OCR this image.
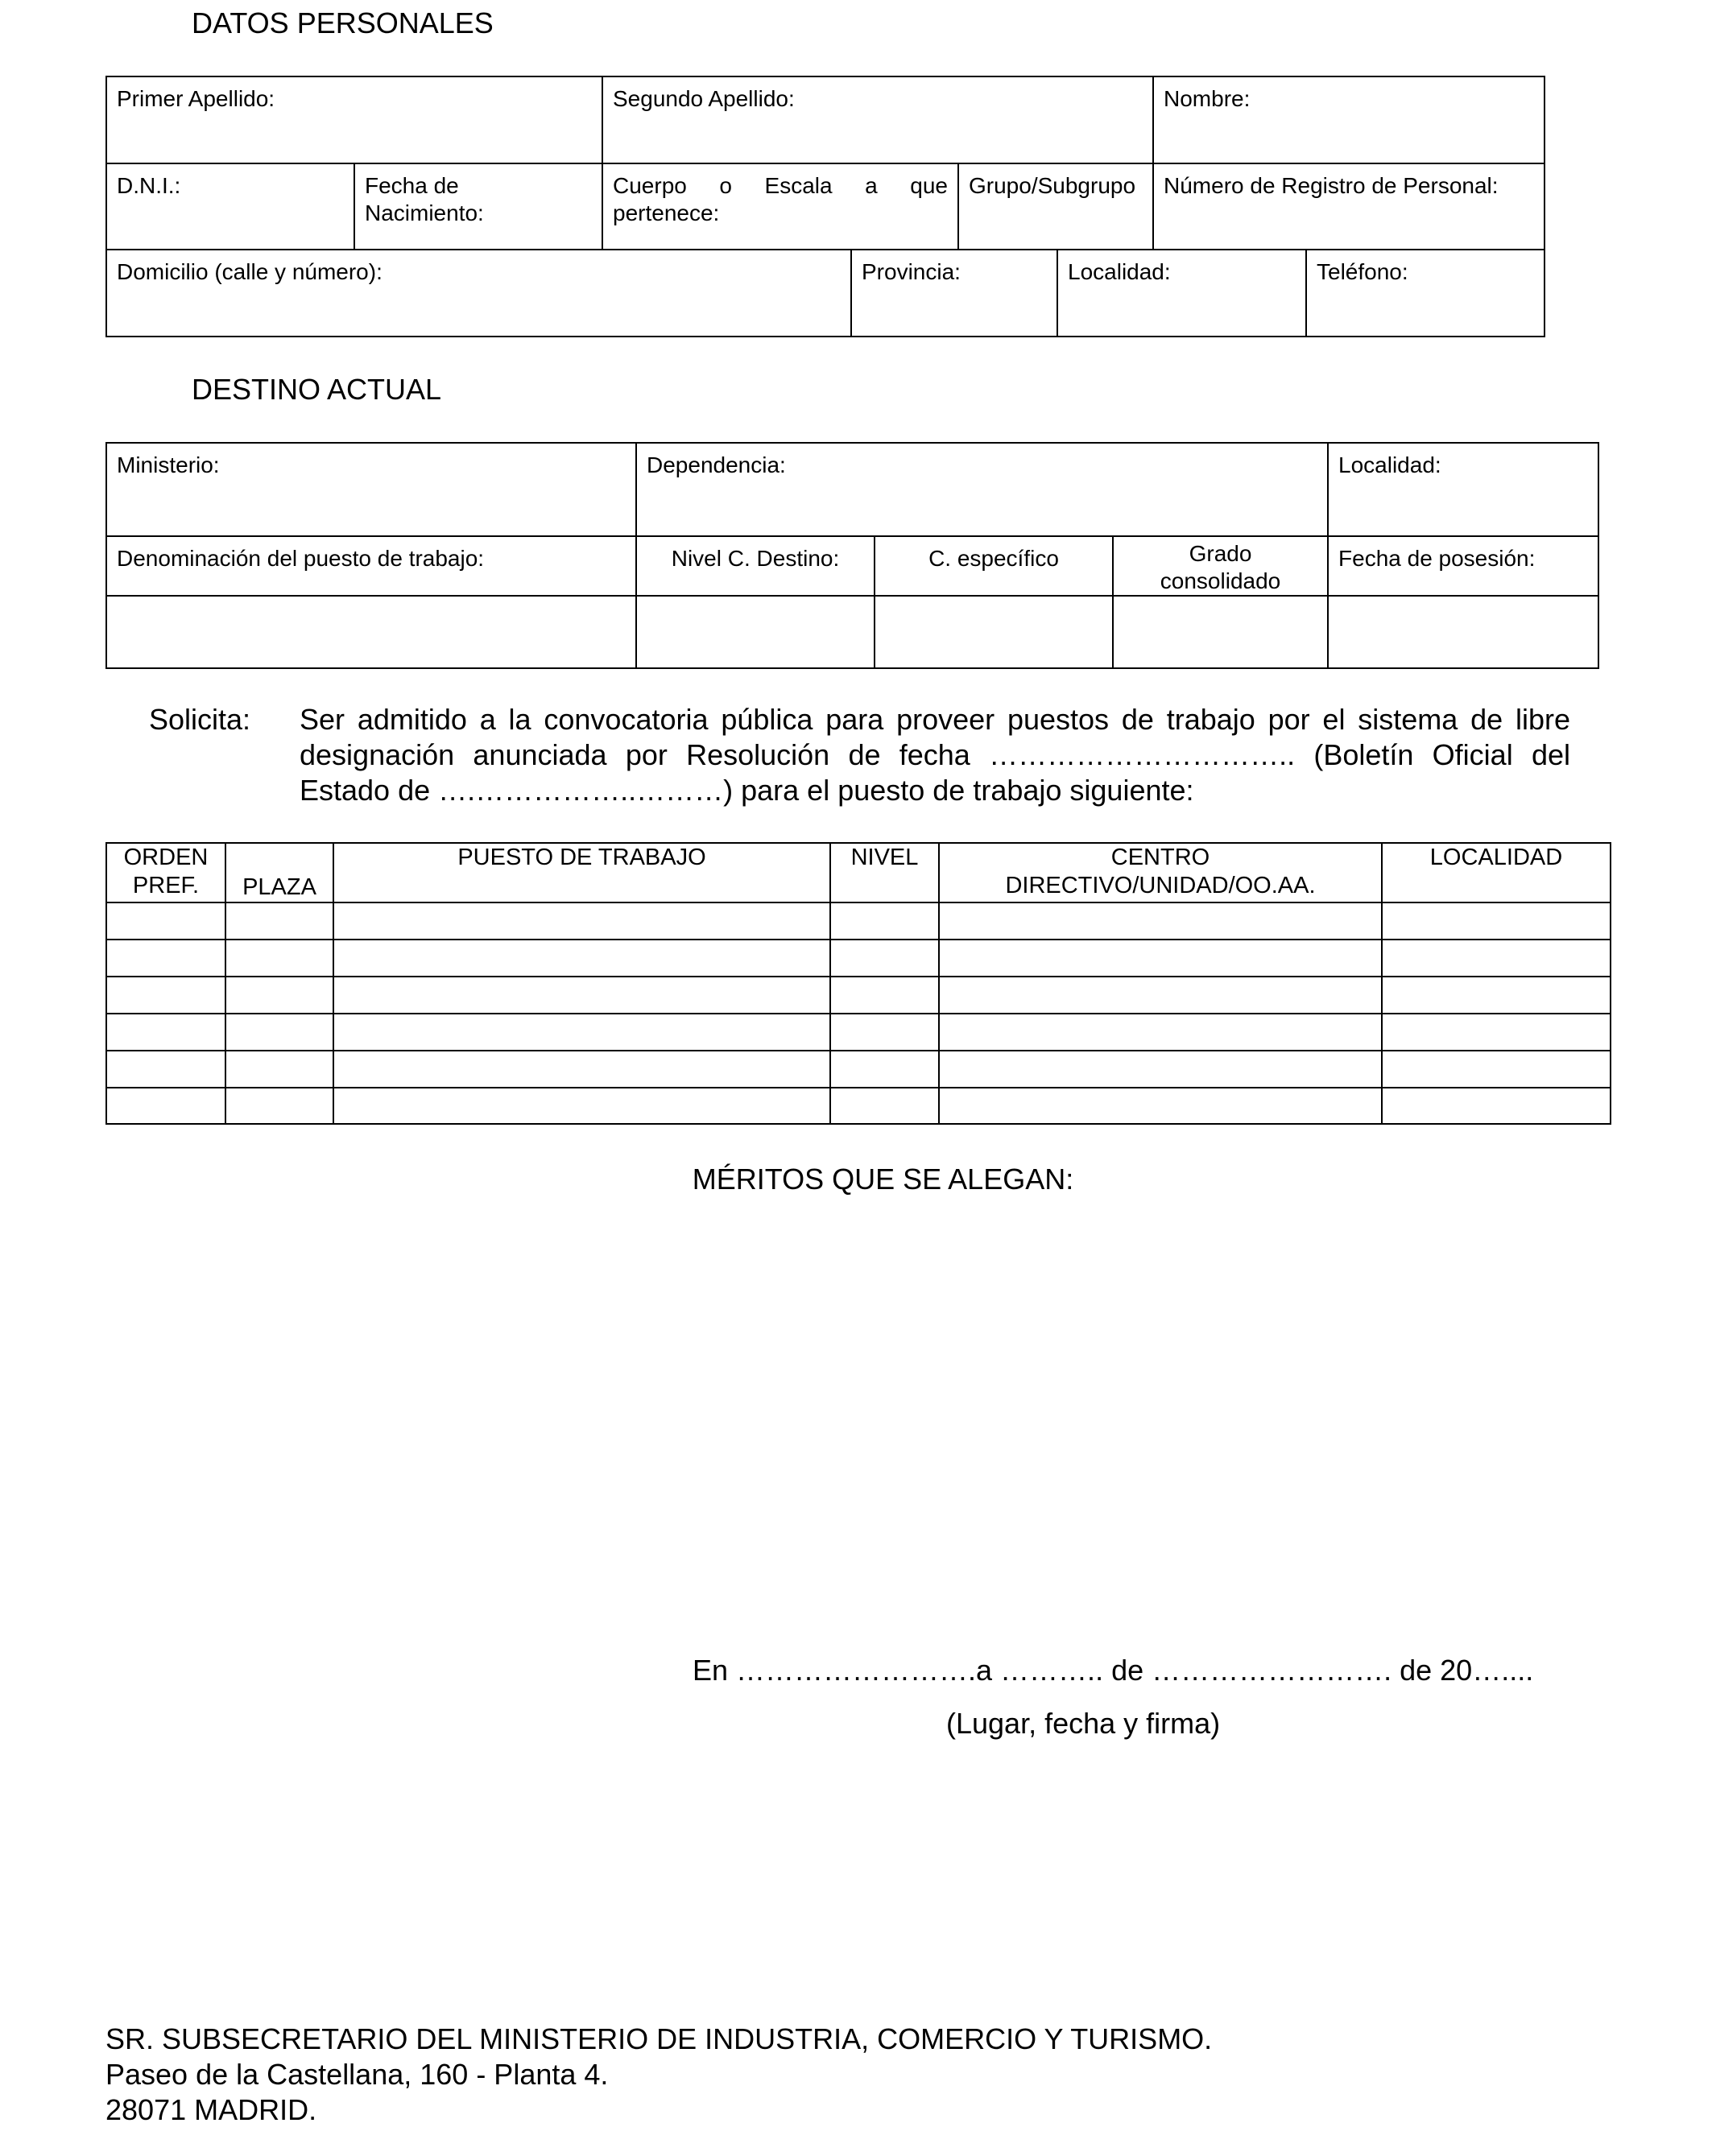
DATOS PERSONALES
Primer Apellido:		Segundo Apellido:		Nombre:
D.N.I.:	Fecha de Nacimiento:	Cuerpo o Escala a que pertenece:	Grupo/Subgrupo	Número de Registro de Personal:
Domicilio (calle y número):	Provincia:	Localidad:	Teléfono:
DESTINO ACTUAL
Ministerio:	Dependencia:			Localidad:
Denominación del puesto de trabajo:	Nivel C. Destino:	C. específico	Grado consolidado	Fecha de posesión:

Solicita: Ser admitido a la convocatoria pública para proveer puestos de trabajo por el sistema de libre designación anunciada por Resolución de fecha ………………………….. (Boletín Oficial del Estado de ….……………..………) para el puesto de trabajo siguiente:
ORDEN PREF.	PLAZA	PUESTO DE TRABAJO	NIVEL	CENTRO DIRECTIVO/UNIDAD/OO.AA.	LOCALIDAD

MÉRITOS QUE SE ALEGAN:
En …………………….a ……….. de ……………………. de 20…....
(Lugar, fecha y firma)
SR. SUBSECRETARIO DEL MINISTERIO DE INDUSTRIA, COMERCIO Y TURISMO.
Paseo de la Castellana, 160 - Planta 4.
28071 MADRID.
